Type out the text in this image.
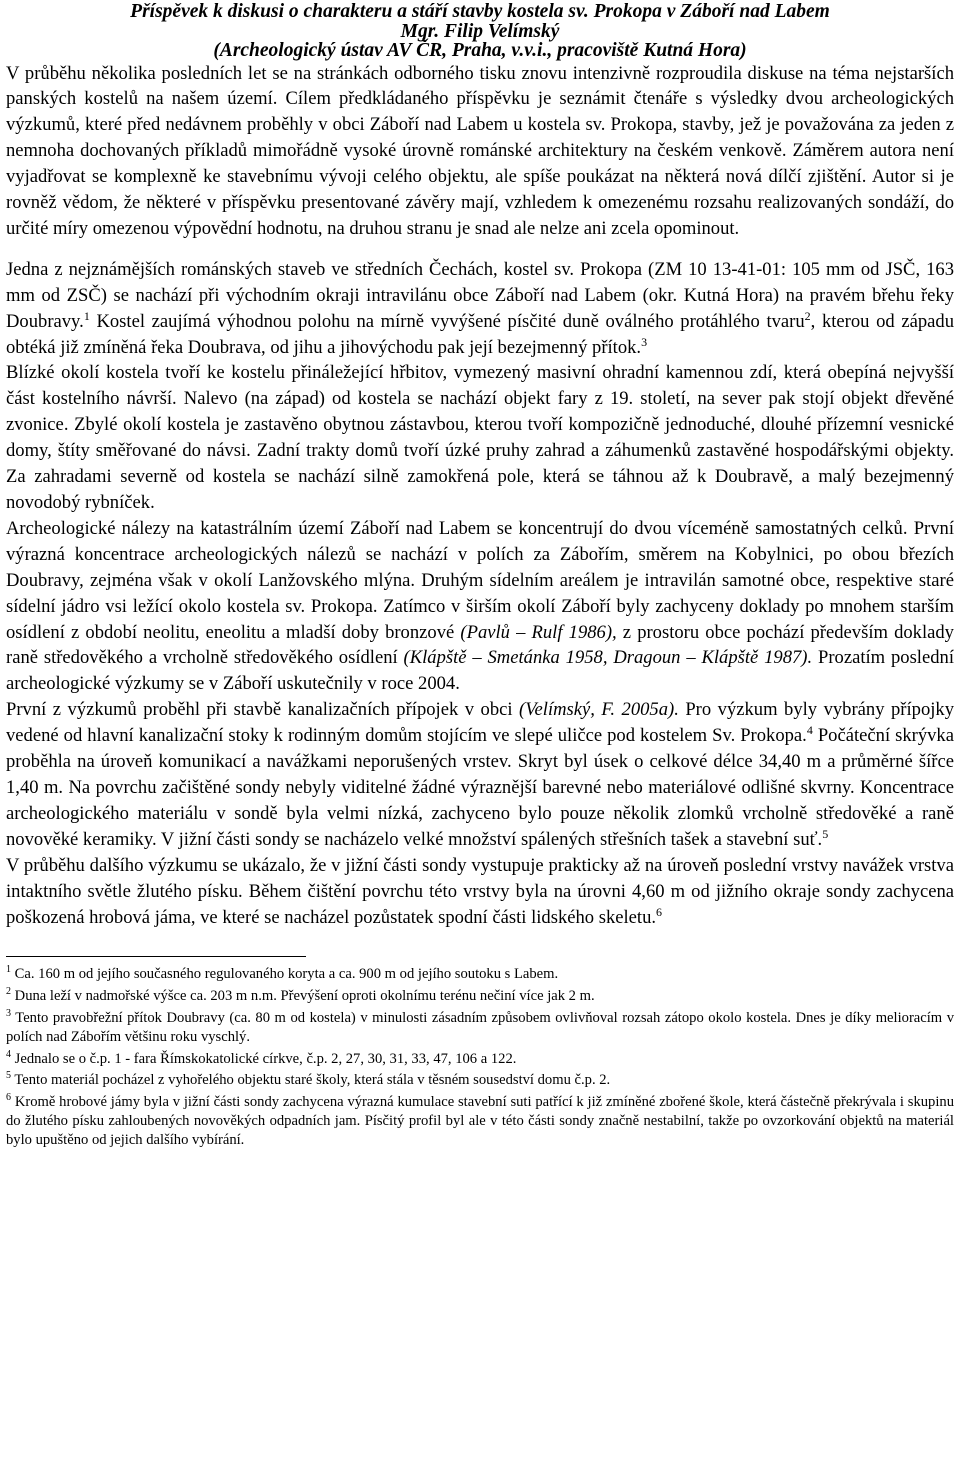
Příspěvek k diskusi o charakteru a stáří stavby kostela sv. Prokopa v Záboří nad Labem
Mgr. Filip Velímský
(Archeologický ústav AV ČR, Praha, v.v.i., pracoviště Kutná Hora)

V průběhu několika posledních let se na stránkách odborného tisku znovu intenzivně rozproudila diskuse na téma nejstarších panských kostelů na našem území. Cílem předkládaného příspěvku je seznámit čtenáře s výsledky dvou archeologických výzkumů, které před nedávnem proběhly v obci Záboří nad Labem u kostela sv. Prokopa, stavby, jež je považována za jeden z nemnoha dochovaných příkladů mimořádně vysoké úrovně románské architektury na českém venkově. Záměrem autora není vyjadřovat se komplexně ke stavebnímu vývoji celého objektu, ale spíše poukázat na některá nová dílčí zjištění. Autor si je rovněž vědom, že některé v příspěvku presentované závěry mají, vzhledem k omezenému rozsahu realizovaných sondáží, do určité míry omezenou výpovědní hodnotu, na druhou stranu je snad ale nelze ani zcela opominout.

Jedna z nejznámějších románských staveb ve středních Čechách, kostel sv. Prokopa (ZM 10 13-41-01: 105 mm od JSČ, 163 mm od ZSČ) se nachází při východním okraji intravilánu obce Záboří nad Labem (okr. Kutná Hora) na pravém břehu řeky Doubravy.$^1$ Kostel zaujímá výhodnou polohu na mírně vyvýšené písčité duně oválného protáhlého tvaru$^2$, kterou od západu obtéká již zmíněná řeka Doubrava, od jihu a jihovýchodu pak její bezejmenný přítok.$^3$

Blízké okolí kostela tvoří ke kostelu přináležející hřbitov, vymezený masivní ohradní kamennou zdí, která obepíná nejvyšší část kostelního návrší. Nalevo (na západ) od kostela se nachází objekt fary z 19. století, na sever pak stojí objekt dřevěné zvonice. Zbylé okolí kostela je zastavěno obytnou zástavbou, kterou tvoří kompozičně jednoduché, dlouhé přízemní vesnické domy, štíty směřované do návsi. Zadní trakty domů tvoří úzké pruhy zahrad a záhumenků zastavěné hospodářskými objekty. Za zahradami severně od kostela se nachází silně zamokřená pole, která se táhnou až k Doubravě, a malý bezejmenný novodobý rybníček.

Archeologické nálezy na katastrálním území Záboří nad Labem se koncentrují do dvou víceméně samostatných celků. První výrazná koncentrace archeologických nálezů se nachází v polích za Zábořím, směrem na Kobylnici, po obou březích Doubravy, zejména však v okolí Lanžovského mlýna. Druhým sídelním areálem je intravilán samotné obce, respektive staré sídelní jádro vsi ležící okolo kostela sv. Prokopa. Zatímco v širším okolí Záboří byly zachyceny doklady po mnohem starším osídlení z období neolitu, eneolitu a mladší doby bronzové (Pavlů – Rulf 1986), z prostoru obce pochází především doklady raně středověkého a vrcholně středověkého osídlení (Klápště – Smetánka 1958, Dragoun – Klápště 1987). Prozatím poslední archeologické výzkumy se v Záboří uskutečnily v roce 2004.

První z výzkumů proběhl při stavbě kanalizačních přípojek v obci (Velímský, F. 2005a). Pro výzkum byly vybrány přípojky vedené od hlavní kanalizační stoky k rodinným domům stojícím ve slepé uličce pod kostelem Sv. Prokopa.$^4$ Počáteční skrývka proběhla na úroveň komunikací a navážkami neporušených vrstev. Skryt byl úsek o celkové délce 34,40 m a průměrné šířce 1,40 m. Na povrchu začištěné sondy nebyly viditelné žádné výraznější barevné nebo materiálové odlišné skvrny. Koncentrace archeologického materiálu v sondě byla velmi nízká, zachyceno bylo pouze několik zlomků vrcholně středověké a raně novověké keramiky. V jižní části sondy se nacházelo velké množství spálených střešních tašek a stavební suť.$^5$

V průběhu dalšího výzkumu se ukázalo, že v jižní části sondy vystupuje prakticky až na úroveň poslední vrstvy navážek vrstva intaktního světle žlutého písku. Během čištění povrchu této vrstvy byla na úrovni 4,60 m od jižního okraje sondy zachycena poškozená hrobová jáma, ve které se nacházel pozůstatek spodní části lidského skeletu.$^6$

$^1$ Ca. 160 m od jejího současného regulovaného koryta a ca. 900 m od jejího soutoku s Labem.

$^2$ Duna leží v nadmořské výšce ca. 203 m n.m. Převýšení oproti okolnímu terénu nečiní více jak 2 m.

$^3$ Tento pravobřežní přítok Doubravy (ca. 80 m od kostela) v minulosti zásadním způsobem ovlivňoval rozsah zátopo okolo kostela. Dnes je díky melioracím v polích nad Zábořím většinu roku vyschlý.

$^4$ Jednalo se o č.p. 1 - fara Římskokatolické církve, č.p. 2, 27, 30, 31, 33, 47, 106 a 122.

$^5$ Tento materiál pocházel z vyhořelého objektu staré školy, která stála v těsném sousedství domu č.p. 2.

$^6$ Kromě hrobové jámy byla v jižní části sondy zachycena výrazná kumulace stavební suti patřící k již zmíněné zbořené škole, která částečně překrývala i skupinu do žlutého písku zahloubených novověkých odpadních jam. Písčitý profil byl ale v této části sondy značně nestabilní, takže po ovzorkování objektů na materiál bylo upuštěno od jejich dalšího vybírání.
